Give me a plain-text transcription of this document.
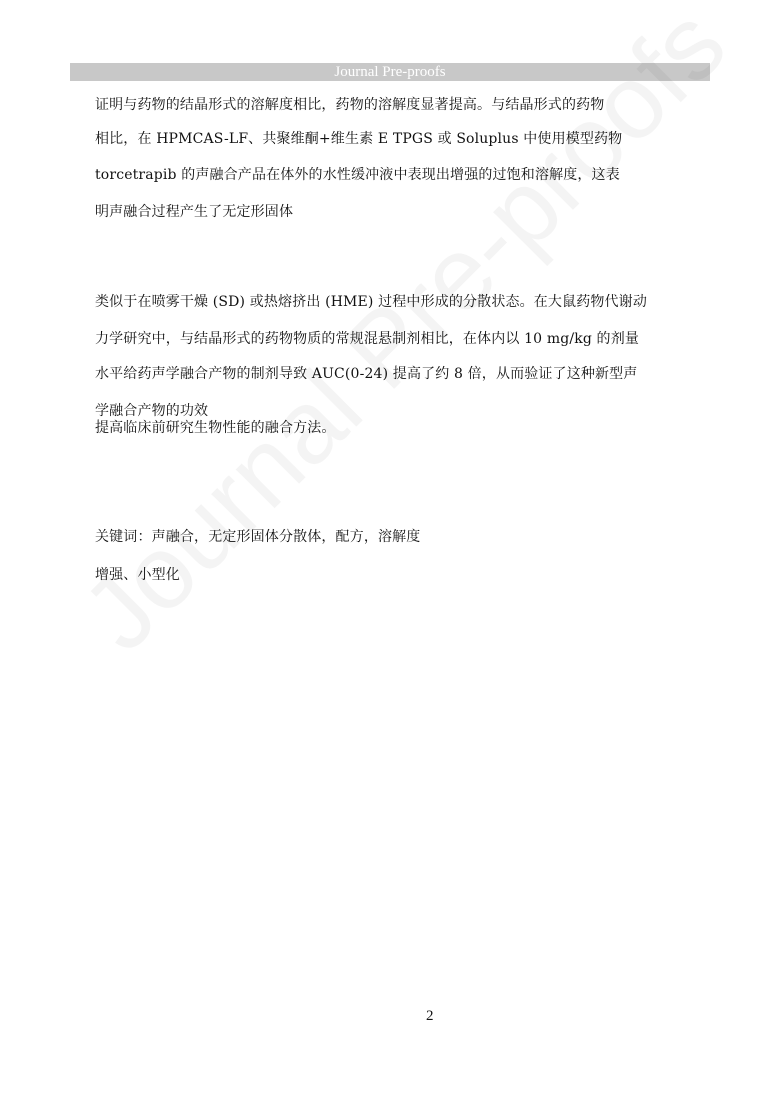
Journal Pre-proofs
证明与药物的结晶形式的溶解度相比，药物的溶解度显著提高。与结晶形式的药物
相比，在 HPMCAS-LF、共聚维酮+维生素 E TPGS 或 Soluplus 中使用模型药物
torcetrapib 的声融合产品在体外的水性缓冲液中表现出增强的过饱和溶解度，这表
明声融合过程产生了无定形固体
类似于在喷雾干燥 (SD) 或热熔挤出 (HME) 过程中形成的分散状态。在大鼠药物代谢动
力学研究中，与结晶形式的药物物质的常规混悬制剂相比，在体内以 10 mg/kg 的剂量
水平给药声学融合产物的制剂导致 AUC(0-24) 提高了约 8 倍，从而验证了这种新型声
学融合产物的功效
提高临床前研究生物性能的融合方法。
关键词：声融合，无定形固体分散体，配方，溶解度
增强、小型化
2
